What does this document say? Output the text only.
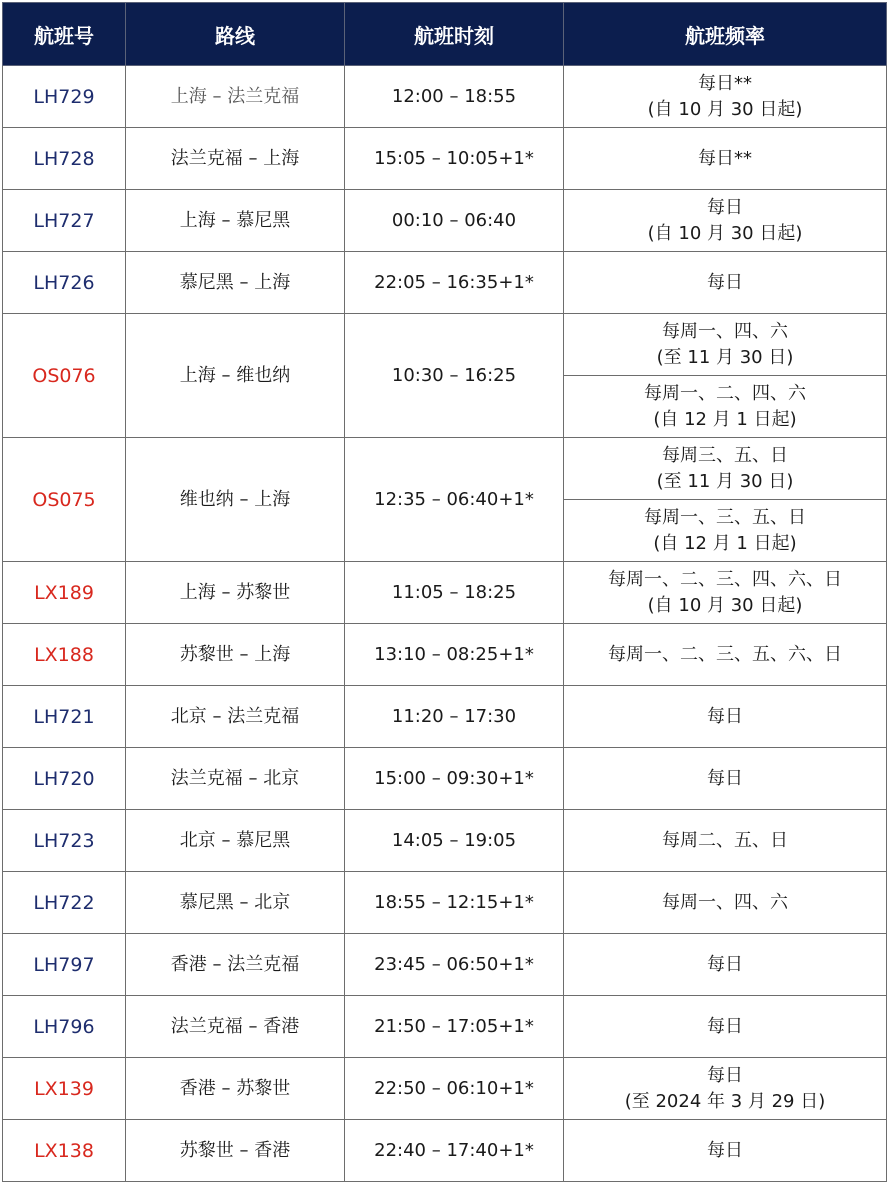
航班号	路线	航班时刻	航班频率
LH729	上海 – 法兰克福	12:00 – 18:55	每日**
(自 10 月 30 日起)

LH728	法兰克福 – 上海	15:05 – 10:05+1*	每日**

LH727	上海 – 慕尼黑	00:10 – 06:40	每日
(自 10 月 30 日起)

LH726	慕尼黑 – 上海	22:05 – 16:35+1*	每日

OS076	上海 – 维也纳	10:30 – 16:25	每周一、四、六
(至 11 月 30 日)

			每周一、二、四、六
(自 12 月 1 日起)

OS075	维也纳 – 上海	12:35 – 06:40+1*	每周三、五、日
(至 11 月 30 日)

			每周一、三、五、日
(自 12 月 1 日起)

LX189	上海 – 苏黎世	11:05 – 18:25	每周一、二、三、四、六、日
(自 10 月 30 日起)

LX188	苏黎世 – 上海	13:10 – 08:25+1*	每周一、二、三、五、六、日

LH721	北京 – 法兰克福	11:20 – 17:30	每日

LH720	法兰克福 – 北京	15:00 – 09:30+1*	每日

LH723	北京 – 慕尼黑	14:05 – 19:05	每周二、五、日

LH722	慕尼黑 – 北京	18:55 – 12:15+1*	每周一、四、六

LH797	香港 – 法兰克福	23:45 – 06:50+1*	每日

LH796	法兰克福 – 香港	21:50 – 17:05+1*	每日

LX139	香港 – 苏黎世	22:50 – 06:10+1*	每日
(至 2024 年 3 月 29 日)

LX138	苏黎世 – 香港	22:40 – 17:40+1*	每日
